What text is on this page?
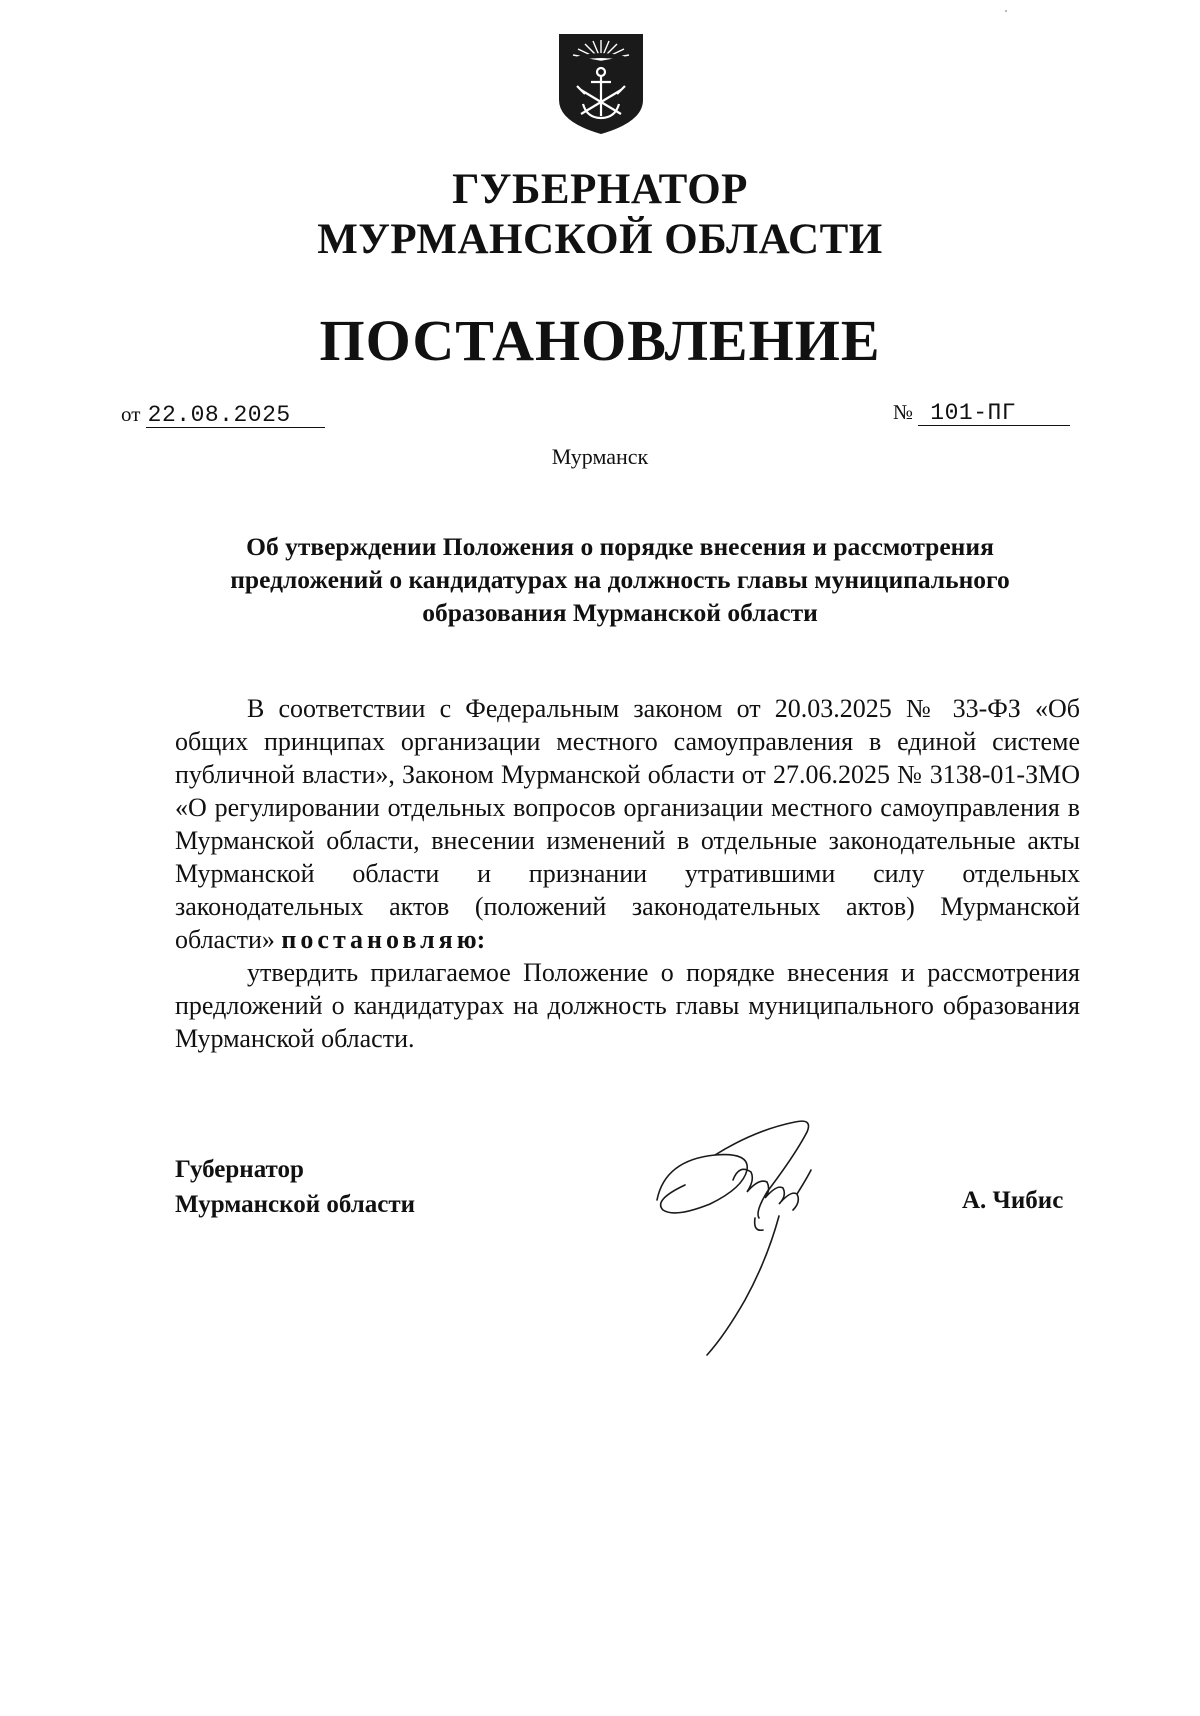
ГУБЕРНАТОР
МУРМАНСКОЙ ОБЛАСТИ
ПОСТАНОВЛЕНИЕ
от 22.08.2025	№ 101-ПГ
Мурманск
Об утверждении Положения о порядке внесения и рассмотрения
предложений о кандидатурах на должность главы муниципального
образования Мурманской области

В соответствии с Федеральным законом от 20.03.2025 № 33-ФЗ «Об общих принципах организации местного самоуправления в единой системе публичной власти», Законом Мурманской области от 27.06.2025 № 3138-01-ЗМО «О регулировании отдельных вопросов организации местного самоуправления в Мурманской области, внесении изменений в отдельные законодательные акты Мурманской области и признании утратившими силу отдельных законодательных актов (положений законодательных актов) Мурманской области» постановляю:

утвердить прилагаемое Положение о порядке внесения и рассмотрения предложений о кандидатурах на должность главы муниципального образования Мурманской области.

Губернатор
Мурманской области	А. Чибис
